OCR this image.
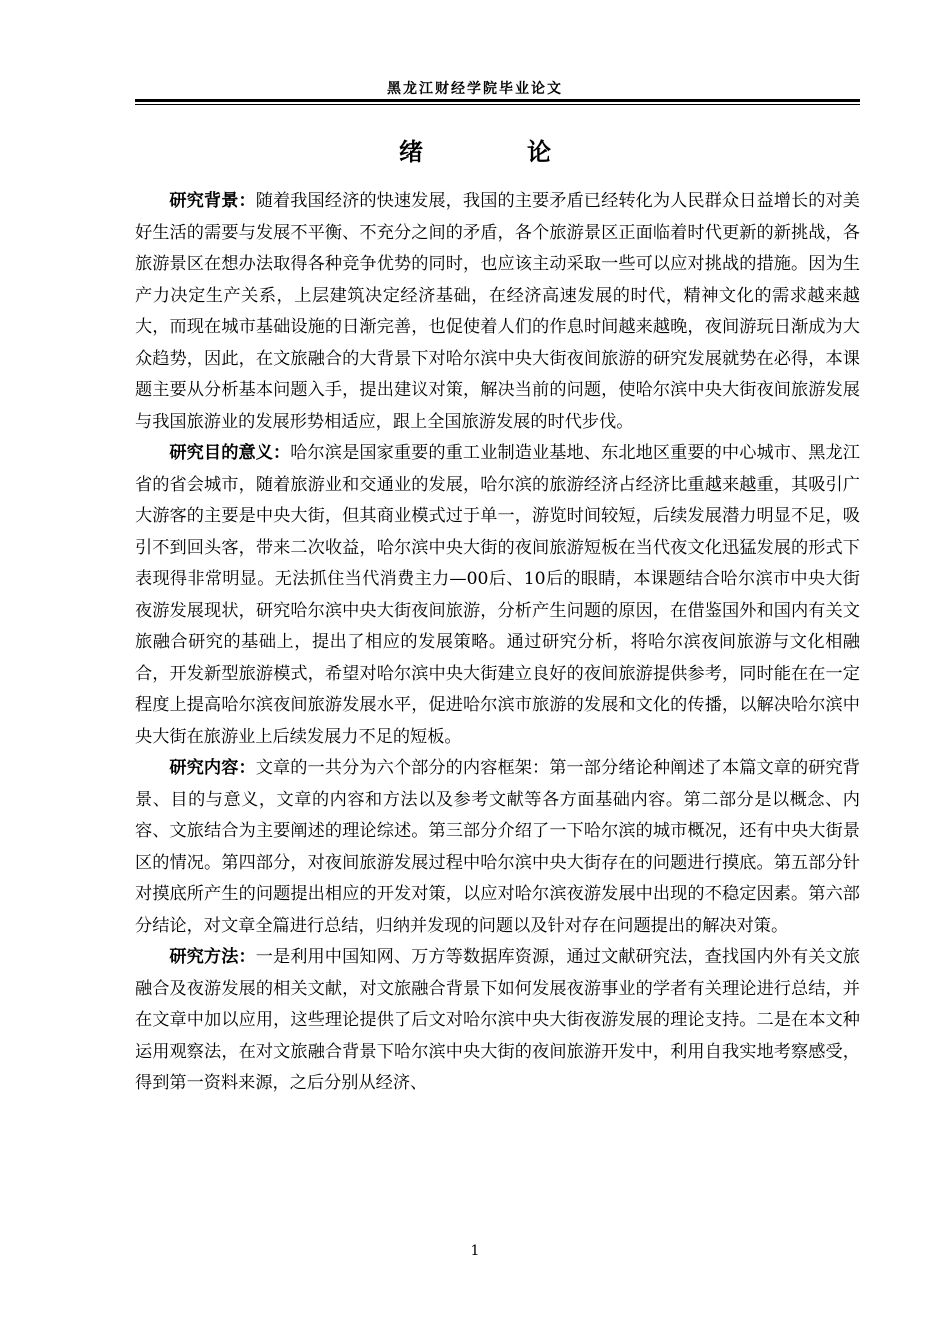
黑龙江财经学院毕业论文
绪　论

研究背景：随着我国经济的快速发展，我国的主要矛盾已经转化为人民群众日益增长的对美好生活的需要与发展不平衡、不充分之间的矛盾，各个旅游景区正面临着时代更新的新挑战，各旅游景区在想办法取得各种竞争优势的同时，也应该主动采取一些可以应对挑战的措施。因为生产力决定生产关系，上层建筑决定经济基础，在经济高速发展的时代，精神文化的需求越来越大，而现在城市基础设施的日渐完善，也促使着人们的作息时间越来越晚，夜间游玩日渐成为大众趋势，因此，在文旅融合的大背景下对哈尔滨中央大街夜间旅游的研究发展就势在必得，本课题主要从分析基本问题入手，提出建议对策，解决当前的问题，使哈尔滨中央大街夜间旅游发展与我国旅游业的发展形势相适应，跟上全国旅游发展的时代步伐。

研究目的意义：哈尔滨是国家重要的重工业制造业基地、东北地区重要的中心城市、黑龙江省的省会城市，随着旅游业和交通业的发展，哈尔滨的旅游经济占经济比重越来越重，其吸引广大游客的主要是中央大街，但其商业模式过于单一，游览时间较短，后续发展潜力明显不足，吸引不到回头客，带来二次收益，哈尔滨中央大街的夜间旅游短板在当代夜文化迅猛发展的形式下表现得非常明显。无法抓住当代消费主力—00后、10后的眼睛，本课题结合哈尔滨市中央大街夜游发展现状，研究哈尔滨中央大街夜间旅游，分析产生问题的原因，在借鉴国外和国内有关文旅融合研究的基础上，提出了相应的发展策略。通过研究分析，将哈尔滨夜间旅游与文化相融合，开发新型旅游模式，希望对哈尔滨中央大街建立良好的夜间旅游提供参考，同时能在在一定程度上提高哈尔滨夜间旅游发展水平，促进哈尔滨市旅游的发展和文化的传播，以解决哈尔滨中央大街在旅游业上后续发展力不足的短板。

研究内容：文章的一共分为六个部分的内容框架：第一部分绪论种阐述了本篇文章的研究背景、目的与意义，文章的内容和方法以及参考文献等各方面基础内容。第二部分是以概念、内容、文旅结合为主要阐述的理论综述。第三部分介绍了一下哈尔滨的城市概况，还有中央大街景区的情况。第四部分，对夜间旅游发展过程中哈尔滨中央大街存在的问题进行摸底。第五部分针对摸底所产生的问题提出相应的开发对策，以应对哈尔滨夜游发展中出现的不稳定因素。第六部分结论，对文章全篇进行总结，归纳并发现的问题以及针对存在问题提出的解决对策。

研究方法：一是利用中国知网、万方等数据库资源，通过文献研究法，查找国内外有关文旅融合及夜游发展的相关文献，对文旅融合背景下如何发展夜游事业的学者有关理论进行总结，并在文章中加以应用，这些理论提供了后文对哈尔滨中央大街夜游发展的理论支持。二是在本文种运用观察法，在对文旅融合背景下哈尔滨中央大街的夜间旅游开发中，利用自我实地考察感受，得到第一资料来源，之后分别从经济、

1
